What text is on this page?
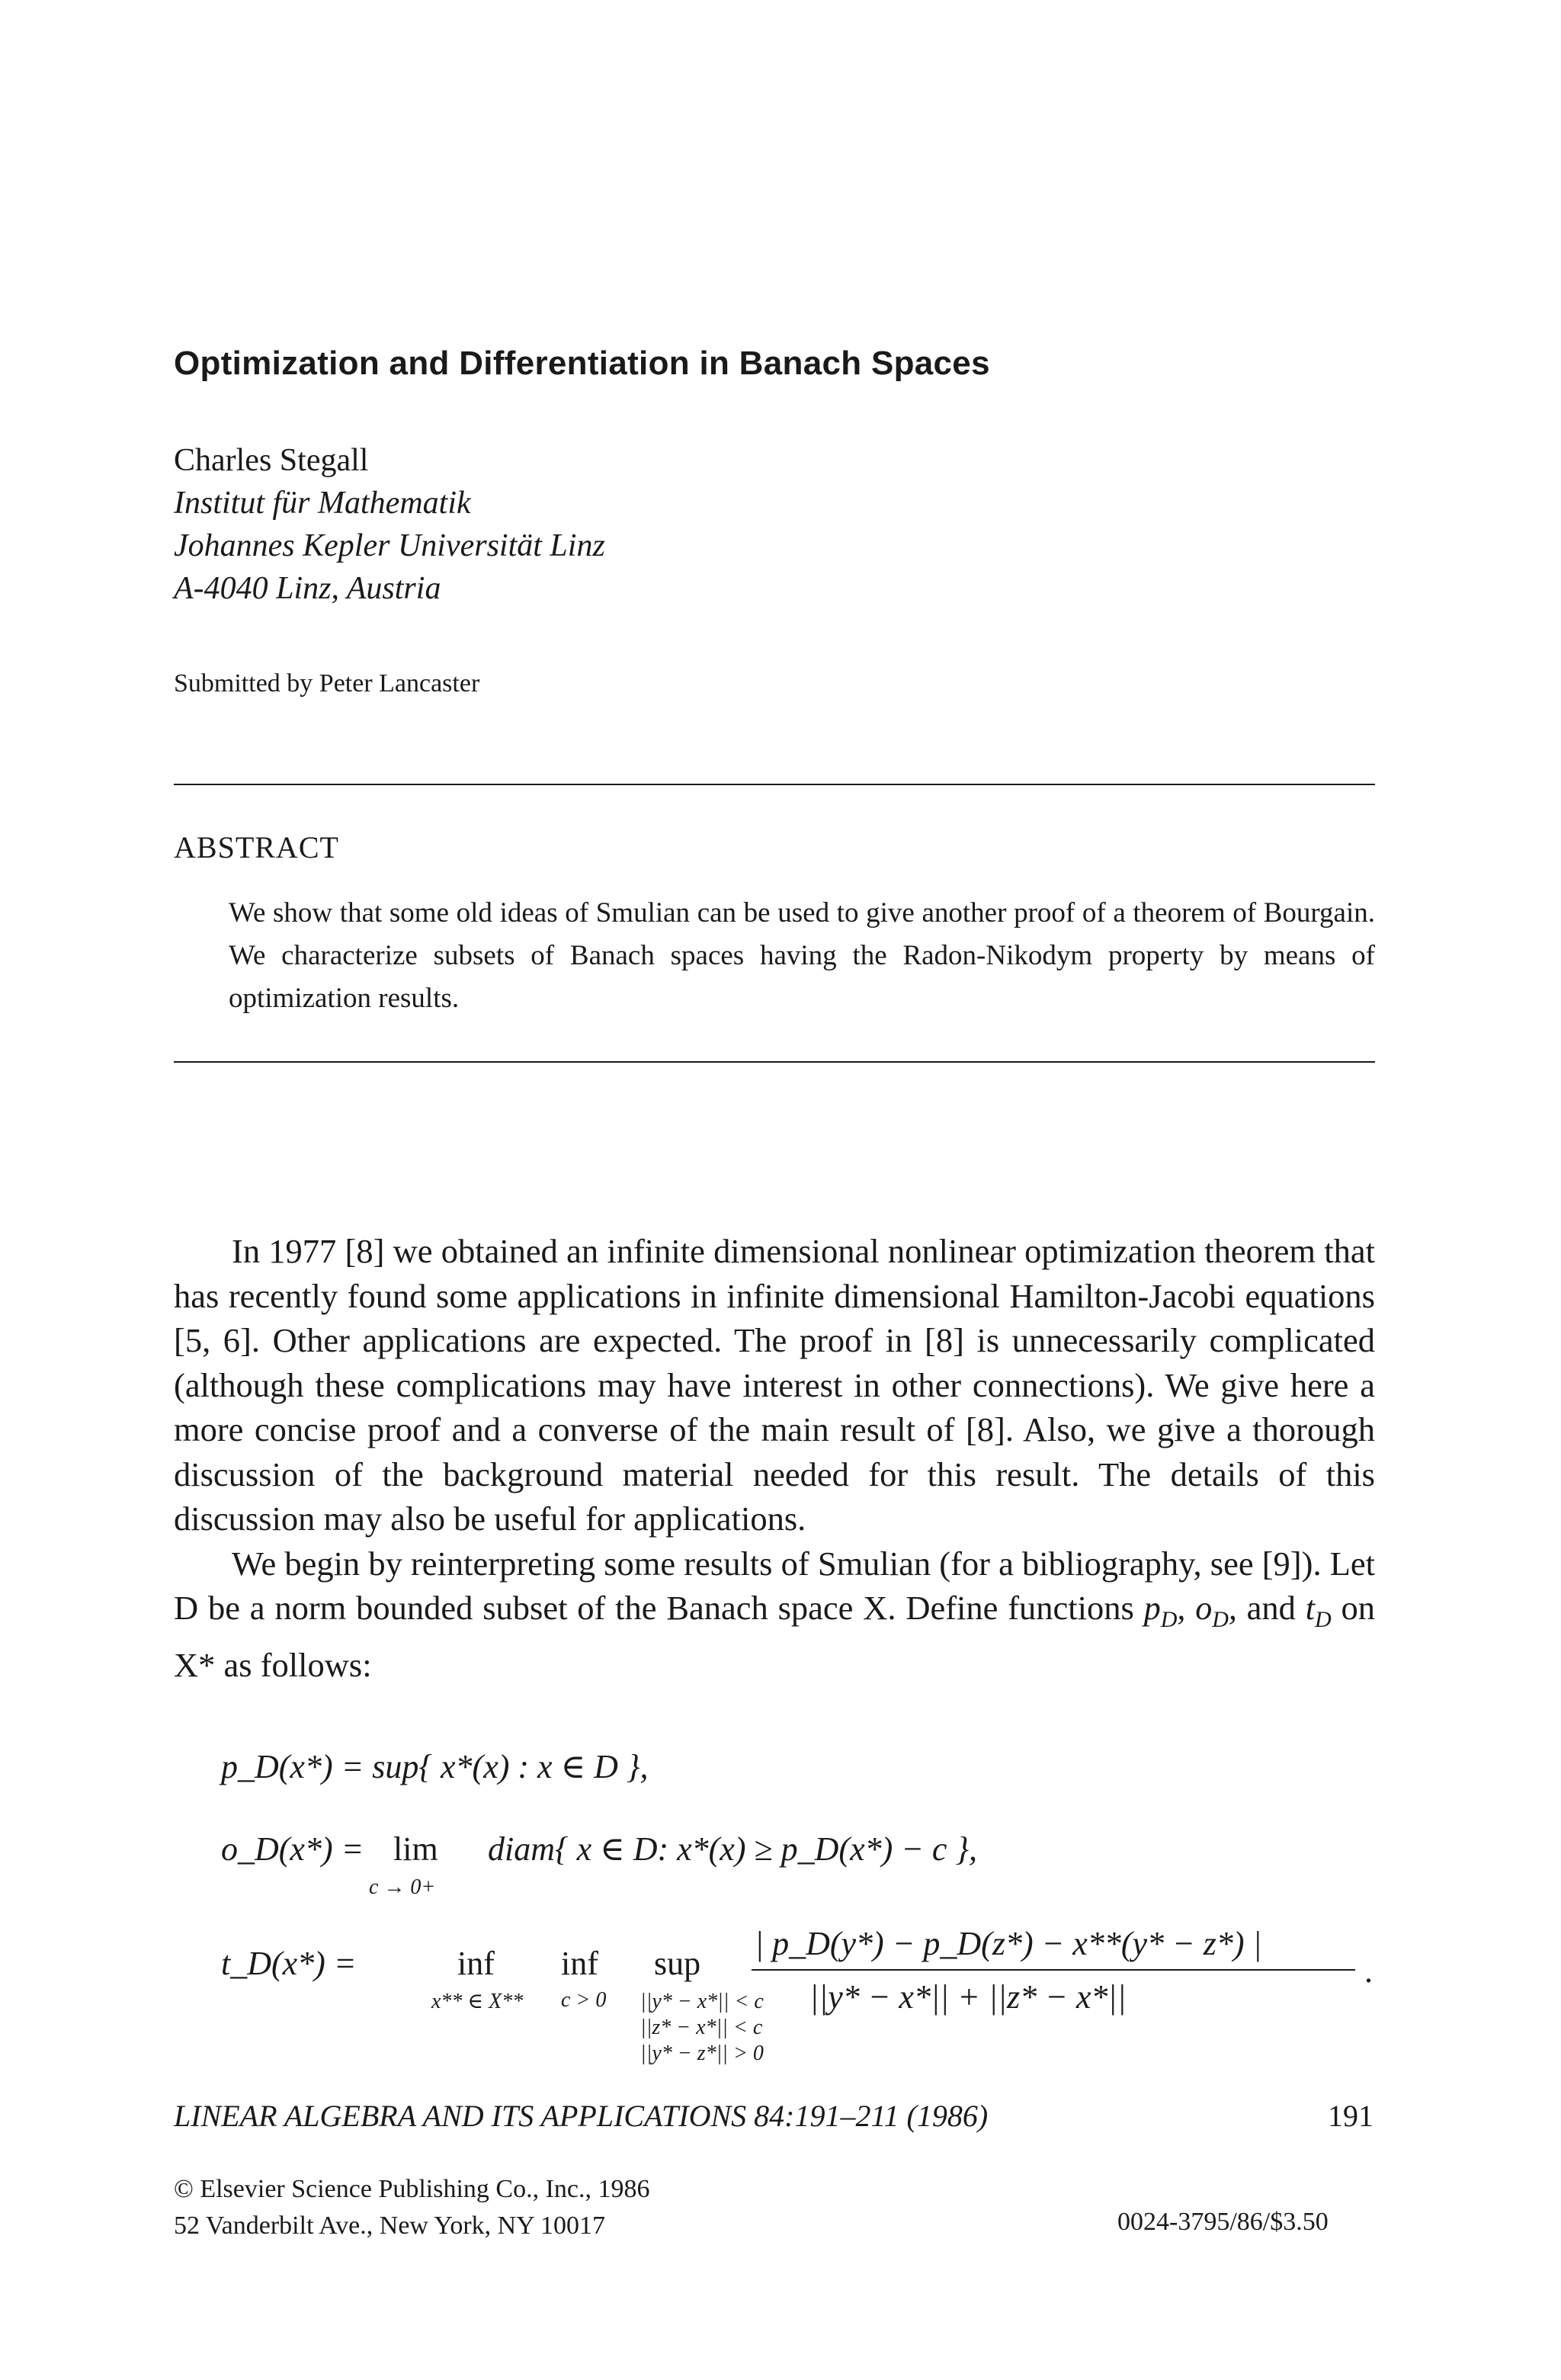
Optimization and Differentiation in Banach Spaces
Charles Stegall
Institut für Mathematik
Johannes Kepler Universität Linz
A-4040 Linz, Austria
Submitted by Peter Lancaster
ABSTRACT
We show that some old ideas of Smulian can be used to give another proof of a theorem of Bourgain. We characterize subsets of Banach spaces having the Radon-Nikodym property by means of optimization results.

In 1977 [8] we obtained an infinite dimensional nonlinear optimization theorem that has recently found some applications in infinite dimensional Hamilton-Jacobi equations [5, 6]. Other applications are expected. The proof in [8] is unnecessarily complicated (although these complications may have interest in other connections). We give here a more concise proof and a converse of the main result of [8]. Also, we give a thorough discussion of the background material needed for this result. The details of this discussion may also be useful for applications.

We begin by reinterpreting some results of Smulian (for a bibliography, see [9]). Let D be a norm bounded subset of the Banach space X. Define functions $p_D$, $o_D$, and $t_D$ on X* as follows:

p_D(x*) = sup{ x*(x) : x ∈ D },
o_D(x*) = lim
c → 0+
diam{ x ∈ D: x*(x) ≥ p_D(x*) − c },
t_D(x*) =	inf
x** ∈ X**
inf
c > 0
sup
||y* − x*|| < c
||z* − x*|| < c
||y* − z*|| > 0
| p_D(y*) − p_D(z*) − x**(y* − z*) |
||y* − x*|| + ||z* − x*||
.
LINEAR ALGEBRA AND ITS APPLICATIONS 84:191–211 (1986)	191
© Elsevier Science Publishing Co., Inc., 1986
52 Vanderbilt Ave., New York, NY 10017	0024-3795/86/$3.50
